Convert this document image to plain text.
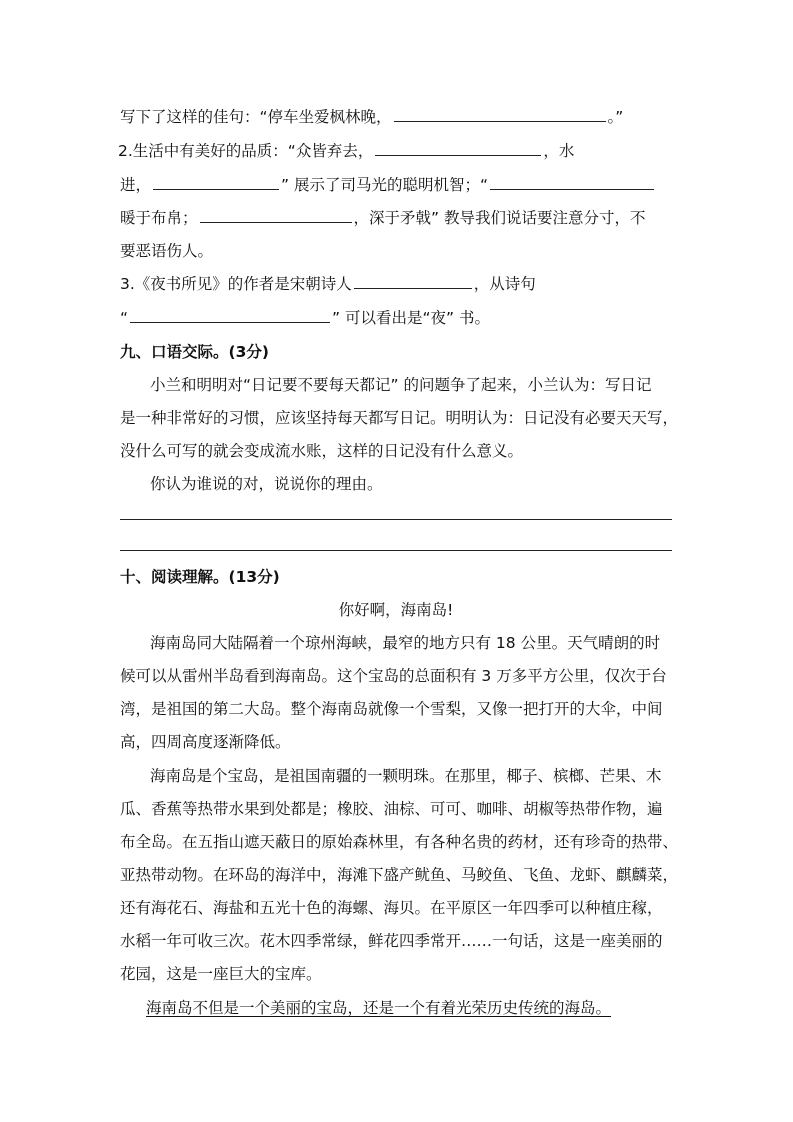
写下了这样的佳句：“停车坐爱枫林晚，	。”
2.生活中有美好的品质：“众皆弃去，	，水
进，	” 展示了司马光的聪明机智；“
暖于布帛；	，深于矛戟” 教导我们说话要注意分寸，不
要恶语伤人。
3.《夜书所见》的作者是宋朝诗人	，从诗句
“	” 可以看出是“夜” 书。
九、口语交际。(3分)
小兰和明明对“日记要不要每天都记” 的问题争了起来，小兰认为：写日记
是一种非常好的习惯，应该坚持每天都写日记。明明认为：日记没有必要天天写，
没什么可写的就会变成流水账，这样的日记没有什么意义。
你认为谁说的对，说说你的理由。
十、阅读理解。(13分)
你好啊，海南岛!
海南岛同大陆隔着一个琼州海峡，最窄的地方只有 18 公里。天气晴朗的时
候可以从雷州半岛看到海南岛。这个宝岛的总面积有 3 万多平方公里，仅次于台
湾，是祖国的第二大岛。整个海南岛就像一个雪梨，又像一把打开的大伞，中间
高，四周高度逐渐降低。
海南岛是个宝岛，是祖国南疆的一颗明珠。在那里，椰子、槟榔、芒果、木
瓜、香蕉等热带水果到处都是；橡胶、油棕、可可、咖啡、胡椒等热带作物，遍
布全岛。在五指山遮天蔽日的原始森林里，有各种名贵的药材，还有珍奇的热带、
亚热带动物。在环岛的海洋中，海滩下盛产鱿鱼、马鲛鱼、飞鱼、龙虾、麒麟菜，
还有海花石、海盐和五光十色的海螺、海贝。在平原区一年四季可以种植庄稼，
水稻一年可收三次。花木四季常绿，鲜花四季常开……一句话，这是一座美丽的
花园，这是一座巨大的宝库。
海南岛不但是一个美丽的宝岛，还是一个有着光荣历史传统的海岛。
